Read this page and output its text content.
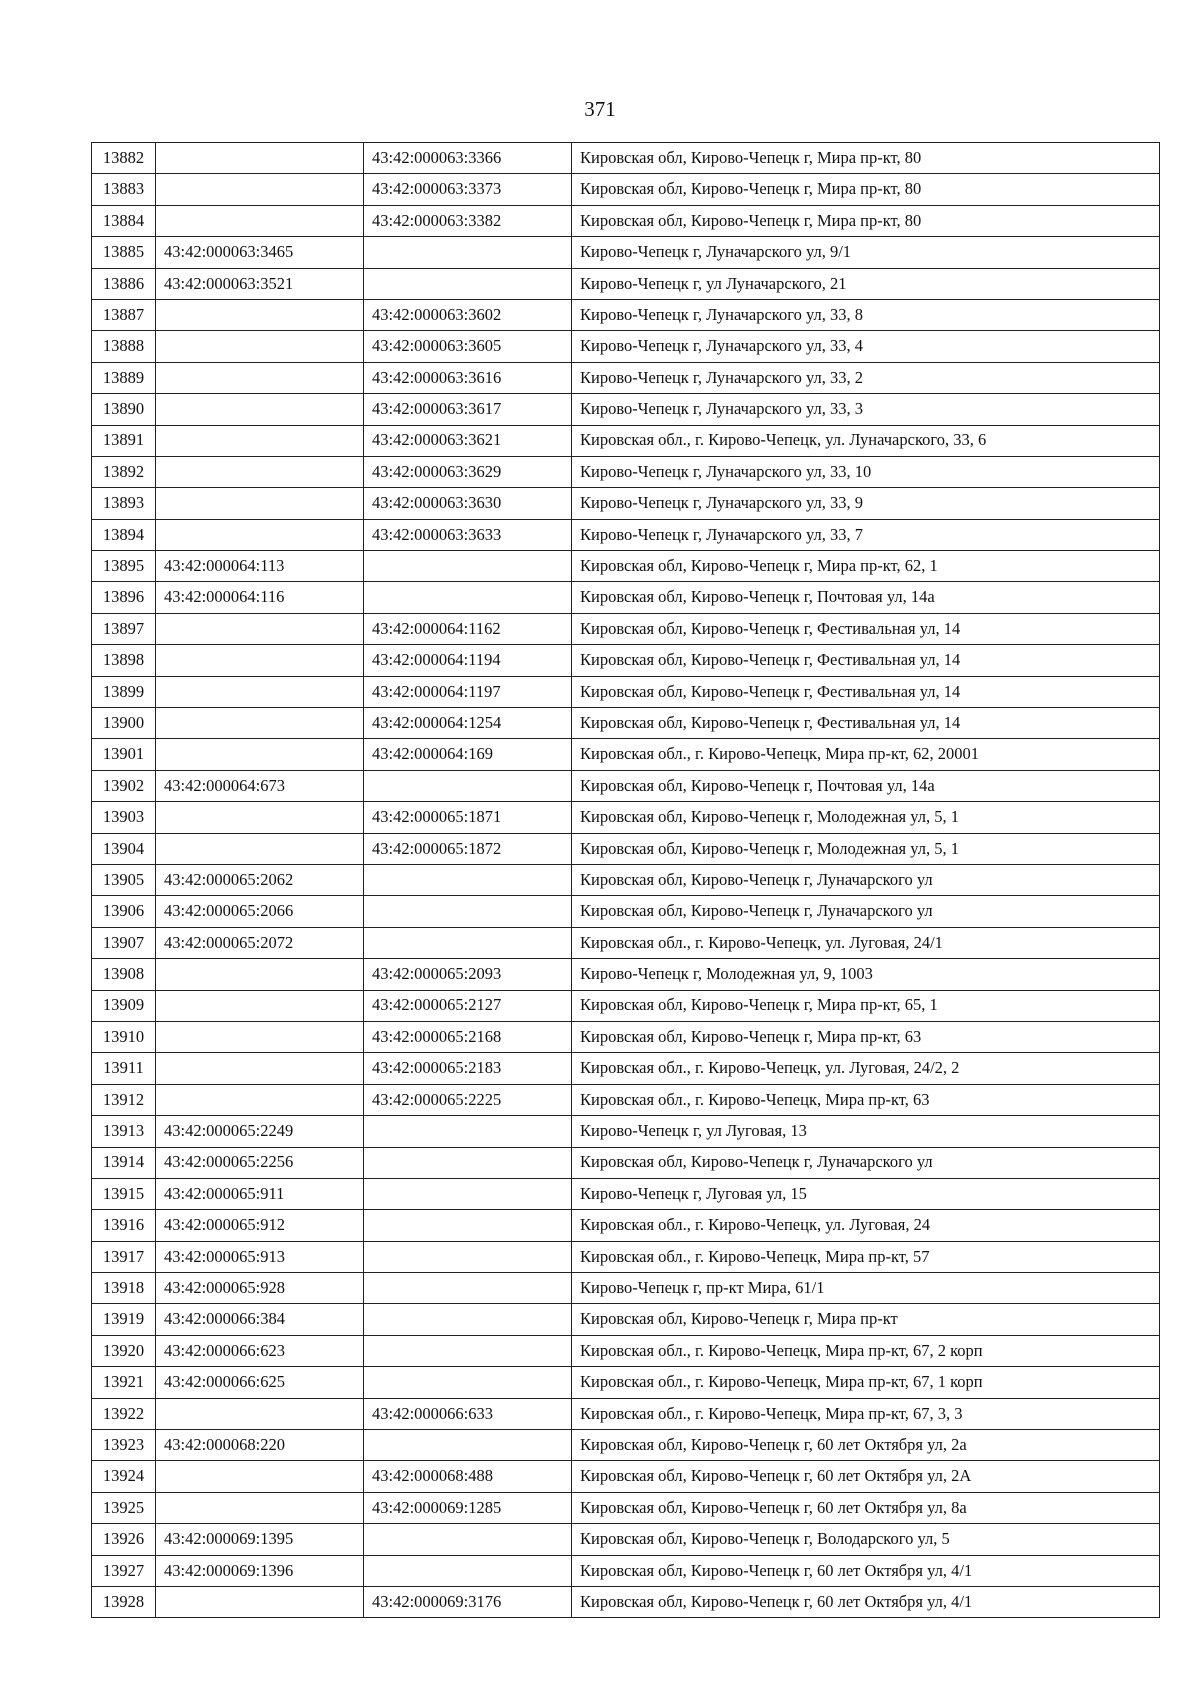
371
13882		43:42:000063:3366	Кировская обл, Кирово-Чепецк г, Мира пр-кт, 80
13883		43:42:000063:3373	Кировская обл, Кирово-Чепецк г, Мира пр-кт, 80
13884		43:42:000063:3382	Кировская обл, Кирово-Чепецк г, Мира пр-кт, 80
13885	43:42:000063:3465		Кирово-Чепецк г, Луначарского ул, 9/1
13886	43:42:000063:3521		Кирово-Чепецк г, ул Луначарского, 21
13887		43:42:000063:3602	Кирово-Чепецк г, Луначарского ул, 33, 8
13888		43:42:000063:3605	Кирово-Чепецк г, Луначарского ул, 33, 4
13889		43:42:000063:3616	Кирово-Чепецк г, Луначарского ул, 33, 2
13890		43:42:000063:3617	Кирово-Чепецк г, Луначарского ул, 33, 3
13891		43:42:000063:3621	Кировская обл., г. Кирово-Чепецк, ул. Луначарского, 33, 6
13892		43:42:000063:3629	Кирово-Чепецк г, Луначарского ул, 33, 10
13893		43:42:000063:3630	Кирово-Чепецк г, Луначарского ул, 33, 9
13894		43:42:000063:3633	Кирово-Чепецк г, Луначарского ул, 33, 7
13895	43:42:000064:113		Кировская обл, Кирово-Чепецк г, Мира пр-кт, 62, 1
13896	43:42:000064:116		Кировская обл, Кирово-Чепецк г, Почтовая ул, 14а
13897		43:42:000064:1162	Кировская обл, Кирово-Чепецк г, Фестивальная ул, 14
13898		43:42:000064:1194	Кировская обл, Кирово-Чепецк г, Фестивальная ул, 14
13899		43:42:000064:1197	Кировская обл, Кирово-Чепецк г, Фестивальная ул, 14
13900		43:42:000064:1254	Кировская обл, Кирово-Чепецк г, Фестивальная ул, 14
13901		43:42:000064:169	Кировская обл., г. Кирово-Чепецк, Мира пр-кт, 62, 20001
13902	43:42:000064:673		Кировская обл, Кирово-Чепецк г, Почтовая ул, 14а
13903		43:42:000065:1871	Кировская обл, Кирово-Чепецк г, Молодежная ул, 5, 1
13904		43:42:000065:1872	Кировская обл, Кирово-Чепецк г, Молодежная ул, 5, 1
13905	43:42:000065:2062		Кировская обл, Кирово-Чепецк г, Луначарского ул
13906	43:42:000065:2066		Кировская обл, Кирово-Чепецк г, Луначарского ул
13907	43:42:000065:2072		Кировская обл., г. Кирово-Чепецк, ул. Луговая, 24/1
13908		43:42:000065:2093	Кирово-Чепецк г, Молодежная ул, 9, 1003
13909		43:42:000065:2127	Кировская обл, Кирово-Чепецк г, Мира пр-кт, 65, 1
13910		43:42:000065:2168	Кировская обл, Кирово-Чепецк г, Мира пр-кт, 63
13911		43:42:000065:2183	Кировская обл., г. Кирово-Чепецк, ул. Луговая, 24/2, 2
13912		43:42:000065:2225	Кировская обл., г. Кирово-Чепецк, Мира пр-кт, 63
13913	43:42:000065:2249		Кирово-Чепецк г, ул Луговая, 13
13914	43:42:000065:2256		Кировская обл, Кирово-Чепецк г, Луначарского ул
13915	43:42:000065:911		Кирово-Чепецк г, Луговая ул, 15
13916	43:42:000065:912		Кировская обл., г. Кирово-Чепецк, ул. Луговая, 24
13917	43:42:000065:913		Кировская обл., г. Кирово-Чепецк, Мира пр-кт, 57
13918	43:42:000065:928		Кирово-Чепецк г, пр-кт Мира, 61/1
13919	43:42:000066:384		Кировская обл, Кирово-Чепецк г, Мира пр-кт
13920	43:42:000066:623		Кировская обл., г. Кирово-Чепецк, Мира пр-кт, 67, 2 корп
13921	43:42:000066:625		Кировская обл., г. Кирово-Чепецк, Мира пр-кт, 67, 1 корп
13922		43:42:000066:633	Кировская обл., г. Кирово-Чепецк, Мира пр-кт, 67, 3, 3
13923	43:42:000068:220		Кировская обл, Кирово-Чепецк г, 60 лет Октября ул, 2а
13924		43:42:000068:488	Кировская обл, Кирово-Чепецк г, 60 лет Октября ул, 2А
13925		43:42:000069:1285	Кировская обл, Кирово-Чепецк г, 60 лет Октября ул, 8а
13926	43:42:000069:1395		Кировская обл, Кирово-Чепецк г, Володарского ул, 5
13927	43:42:000069:1396		Кировская обл, Кирово-Чепецк г, 60 лет Октября ул, 4/1
13928		43:42:000069:3176	Кировская обл, Кирово-Чепецк г, 60 лет Октября ул, 4/1
